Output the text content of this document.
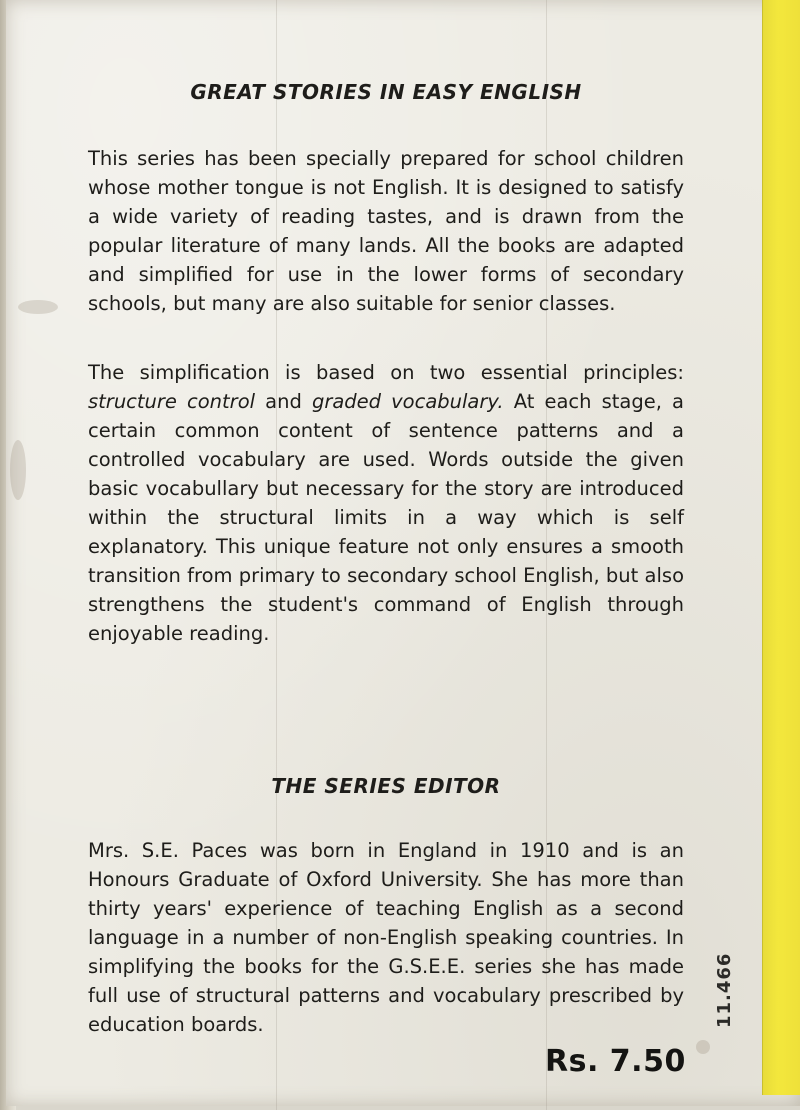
GREAT STORIES IN EASY ENGLISH

This series has been specially prepared for school children whose mother tongue is not English. It is designed to satisfy a wide variety of reading tastes, and is drawn from the popular literature of many lands. All the books are adapted and simplified for use in the lower forms of secondary schools, but many are also suitable for senior classes.

The simplification is based on two essential principles: structure control and graded vocabulary. At each stage, a certain common content of sentence patterns and a controlled vocabulary are used. Words outside the given basic vocabullary but necessary for the story are introduced within the structural limits in a way which is self explanatory. This unique feature not only ensures a smooth transition from primary to secondary school English, but also strengthens the student's command of English through enjoyable reading.

THE SERIES EDITOR

Mrs. S.E. Paces was born in England in 1910 and is an Honours Graduate of Oxford University. She has more than thirty years' experience of teaching English as a second language in a number of non-English speaking countries. In simplifying the books for the G.S.E.E. series she has made full use of structural patterns and vocabulary prescribed by education boards.	11.466
Rs. 7.50
